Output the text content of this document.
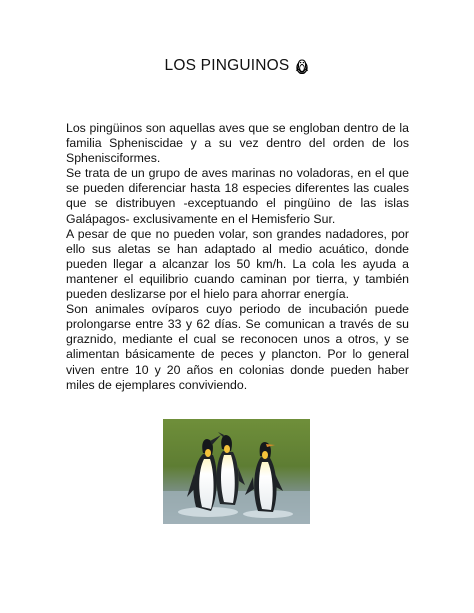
LOS PINGUINOS

Los pingüinos son aquellas aves que se engloban dentro de la familia Spheniscidae y a su vez dentro del orden de los Sphenisciformes.

Se trata de un grupo de aves marinas no voladoras, en el que se pueden diferenciar hasta 18 especies diferentes las cuales que se distribuyen -exceptuando el pingüino de las islas Galápagos- exclusivamente en el Hemisferio Sur.

A pesar de que no pueden volar, son grandes nadadores, por ello sus aletas se han adaptado al medio acuático, donde pueden llegar a alcanzar los 50 km/h. La cola les ayuda a mantener el equilibrio cuando caminan por tierra, y también pueden deslizarse por el hielo para ahorrar energía.

Son animales ovíparos cuyo periodo de incubación puede prolongarse entre 33 y 62 días. Se comunican a través de su graznido, mediante el cual se reconocen unos a otros, y se alimentan básicamente de peces y plancton. Por lo general viven entre 10 y 20 años en colonias donde pueden haber miles de ejemplares conviviendo.
